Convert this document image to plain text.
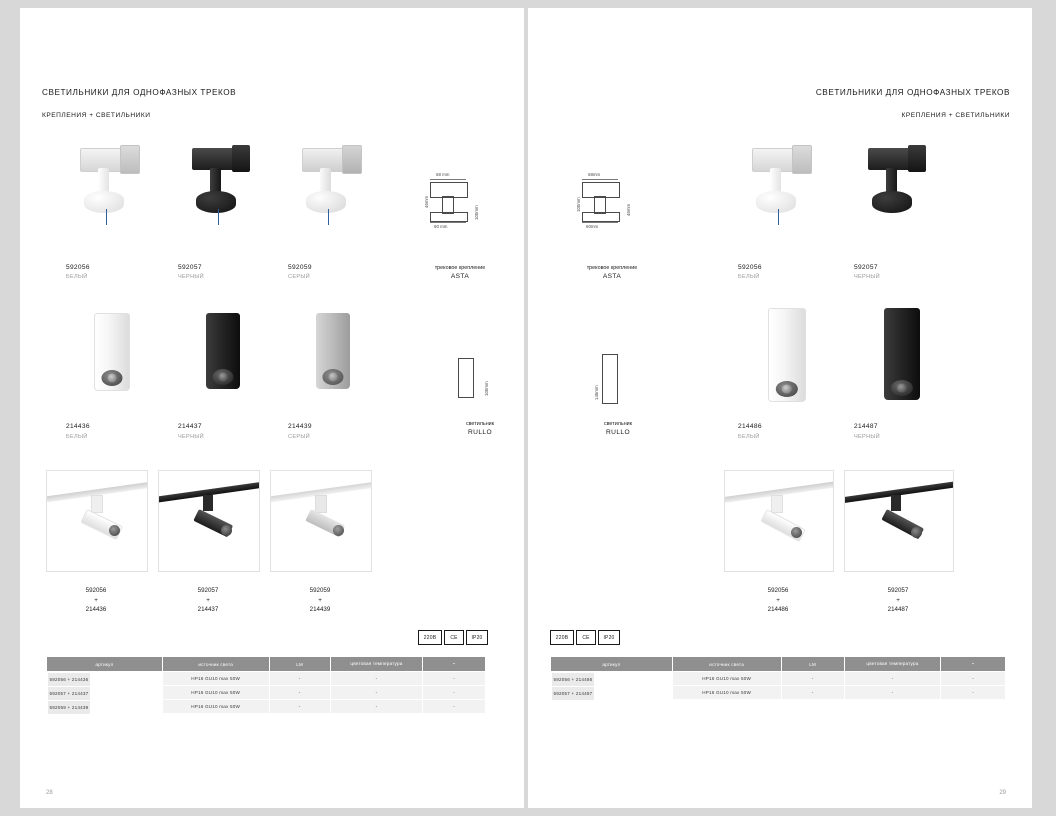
СВЕТИЛЬНИКИ ДЛЯ ОДНОФАЗНЫХ ТРЕКОВ
КРЕПЛЕНИЯ + СВЕТИЛЬНИКИ
592056
БЕЛЫЙ
592057
ЧЕРНЫЙ
592059
СЕРЫЙ
68 mm
46mm
100mm
60 mm
трековое крепление
ASTA
214436
БЕЛЫЙ
214437
ЧЕРНЫЙ
214439
СЕРЫЙ
100mm
светильник
RULLO
592056
+
214436
592057
+
214437
592059
+
214439
220В	CE	IP20
артикул	источник света	LM	цветовая температура	⌁

592056 + 214436	HP16 GU10 max 50W	-	-	-

592057 + 214437	HP16 GU10 max 50W	-	-	-

592059 + 214439	HP16 GU10 max 50W	-	-	-
28
СВЕТИЛЬНИКИ ДЛЯ ОДНОФАЗНЫХ ТРЕКОВ
КРЕПЛЕНИЯ + СВЕТИЛЬНИКИ
68mm
100mm	46mm
60mm
трековое крепление
ASTA
592056
БЕЛЫЙ
592057
ЧЕРНЫЙ
145mm
светильник
RULLO
214486
БЕЛЫЙ
214487
ЧЕРНЫЙ
592056
+
214486
592057
+
214487
220В	CE	IP20
артикул	источник света	LM	цветовая температура	⌁

592056 + 214486	HP16 GU10 max 50W	-	-	-

592057 + 214487	HP16 GU10 max 50W	-	-	-
29
